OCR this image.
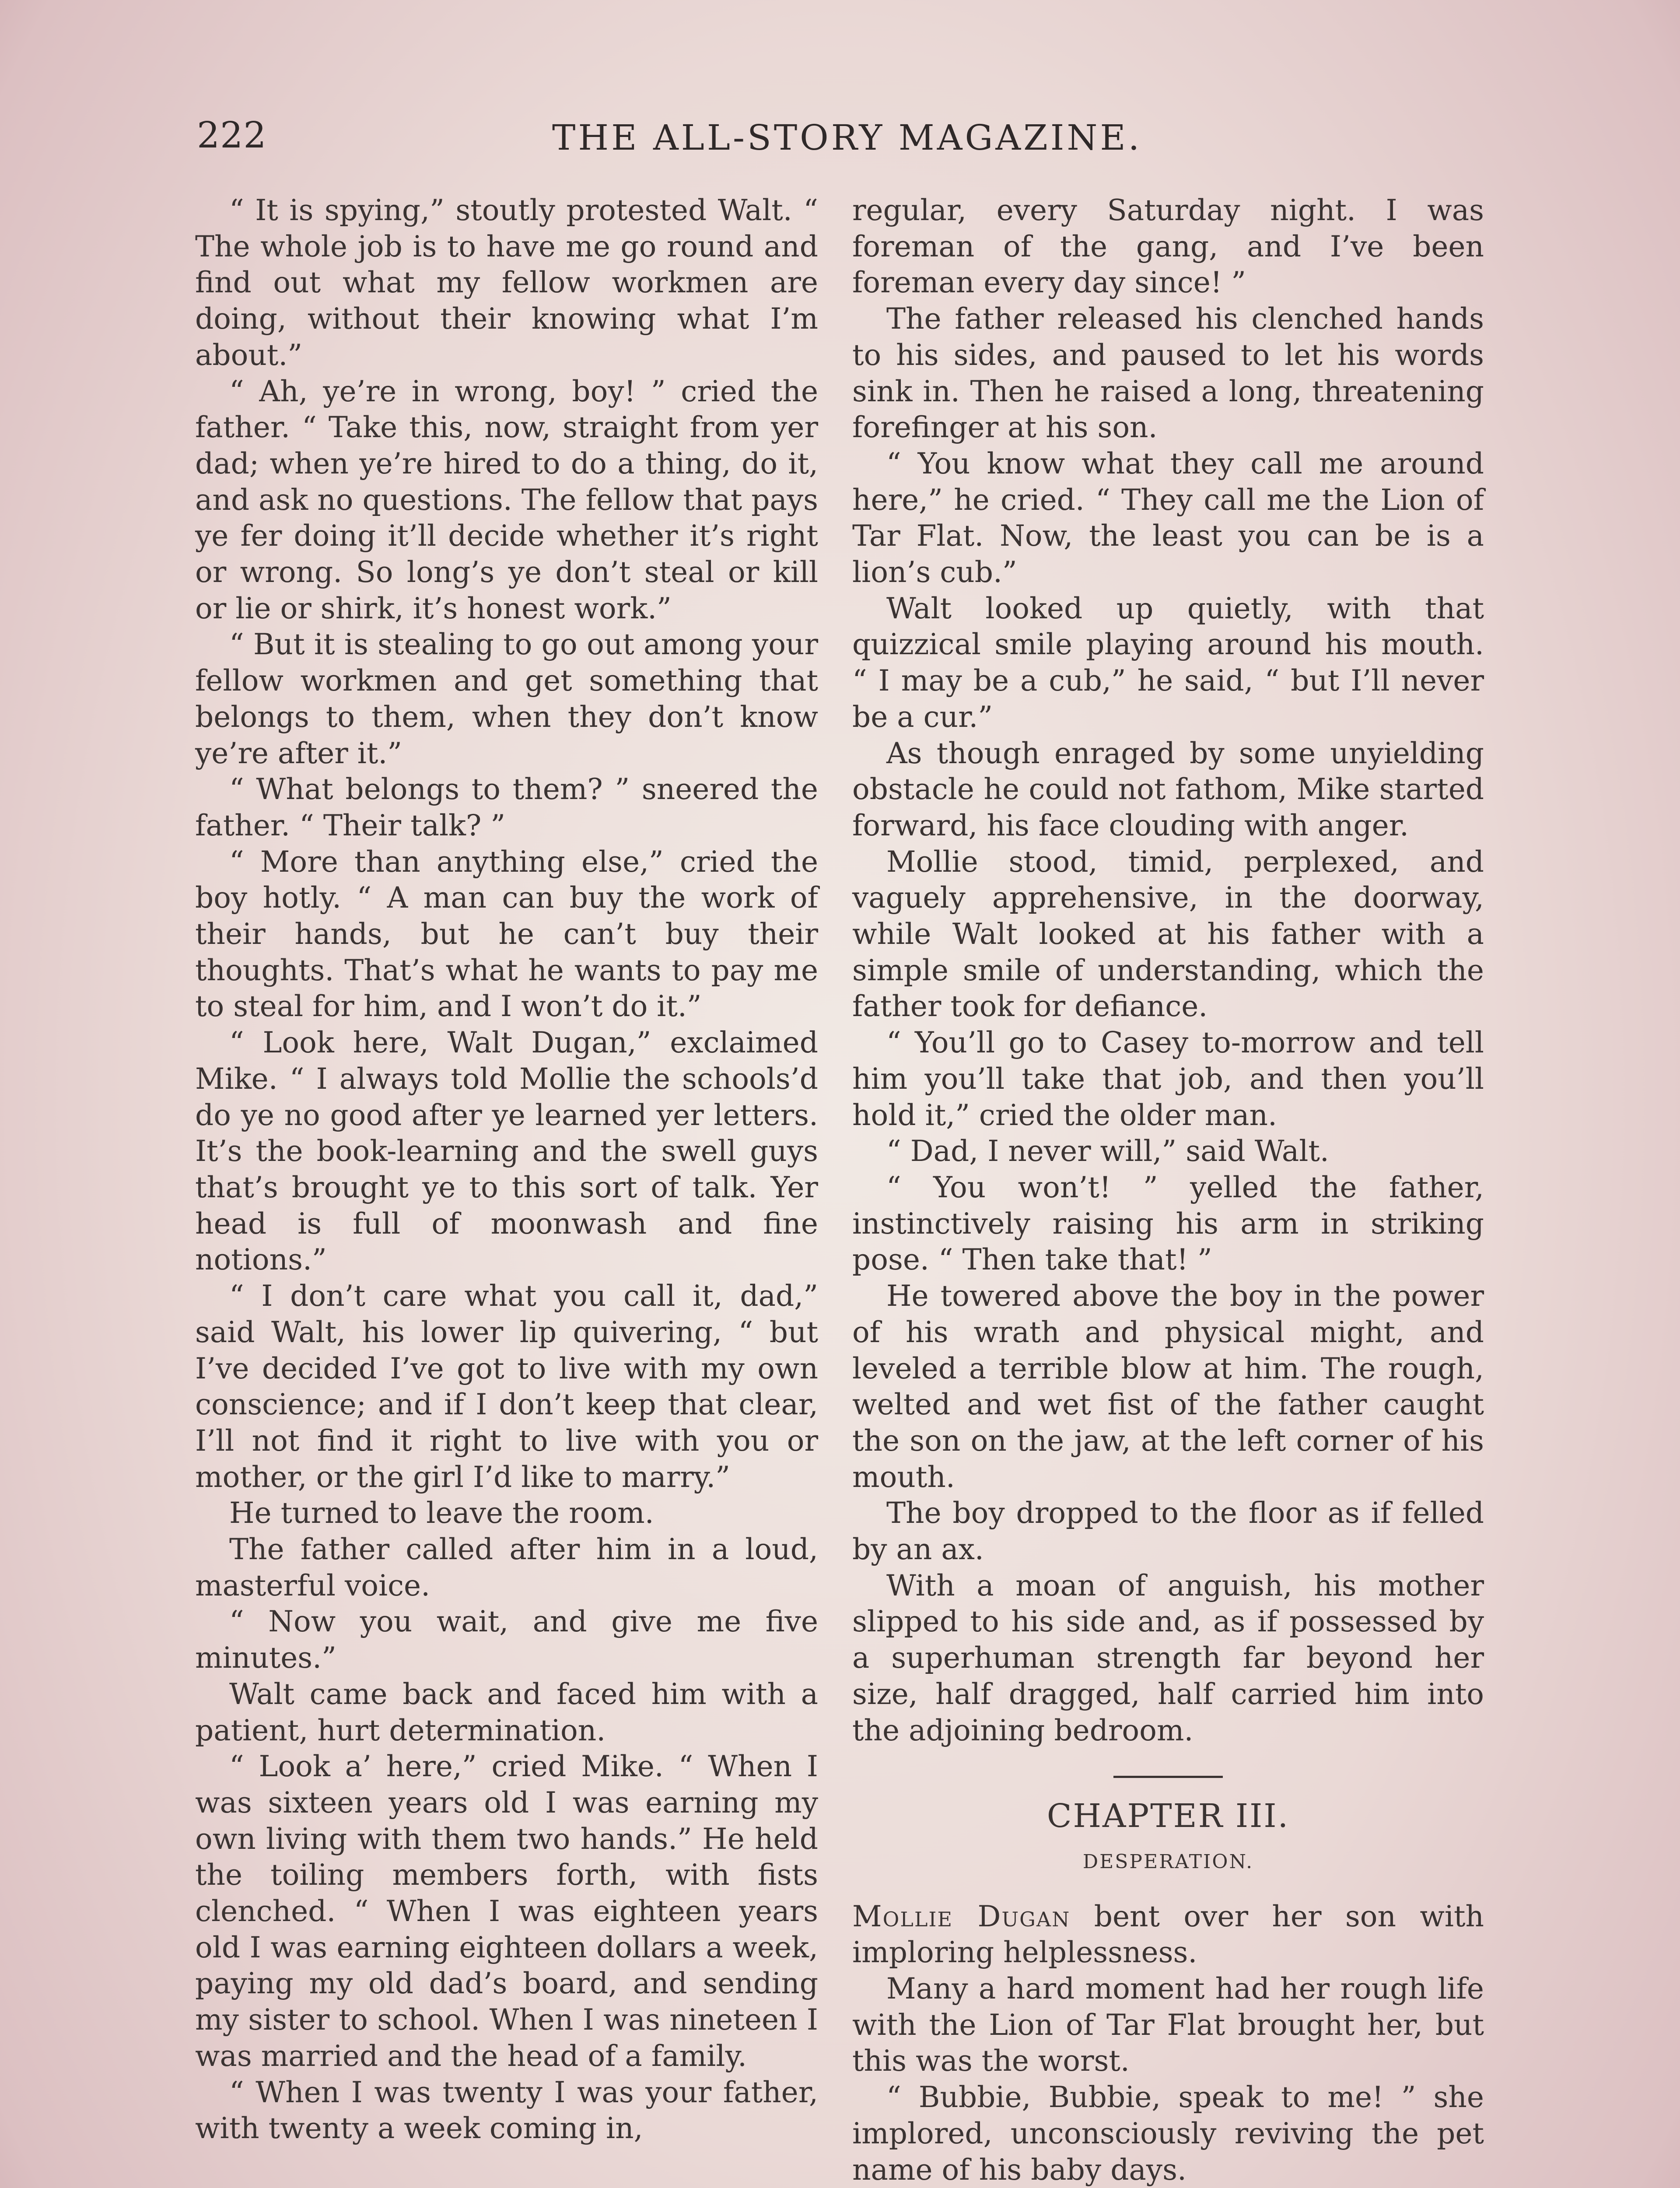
222	THE ALL-STORY MAGAZINE.

“ It is spying,” stoutly protested Walt. “ The whole job is to have me go round and find out what my fellow workmen are doing, without their knowing what I’m about.”

“ Ah, ye’re in wrong, boy! ” cried the father. “ Take this, now, straight from yer dad; when ye’re hired to do a thing, do it, and ask no questions. The fellow that pays ye fer doing it’ll decide whether it’s right or wrong. So long’s ye don’t steal or kill or lie or shirk, it’s honest work.”

“ But it is stealing to go out among your fellow workmen and get something that belongs to them, when they don’t know ye’re after it.”

“ What belongs to them? ” sneered the father. “ Their talk? ”

“ More than anything else,” cried the boy hotly. “ A man can buy the work of their hands, but he can’t buy their thoughts. That’s what he wants to pay me to steal for him, and I won’t do it.”

“ Look here, Walt Dugan,” exclaimed Mike. “ I always told Mollie the schools’d do ye no good after ye learned yer letters. It’s the book-learning and the swell guys that’s brought ye to this sort of talk. Yer head is full of moonwash and fine notions.”

“ I don’t care what you call it, dad,” said Walt, his lower lip quivering, “ but I’ve decided I’ve got to live with my own conscience; and if I don’t keep that clear, I’ll not find it right to live with you or mother, or the girl I’d like to marry.”

He turned to leave the room.

The father called after him in a loud, masterful voice.

“ Now you wait, and give me five minutes.”

Walt came back and faced him with a patient, hurt determination.

“ Look a’ here,” cried Mike. “ When I was sixteen years old I was earning my own living with them two hands.” He held the toiling members forth, with fists clenched. “ When I was eighteen years old I was earning eighteen dollars a week, paying my old dad’s board, and sending my sister to school. When I was nineteen I was married and the head of a family.

“ When I was twenty I was your father, with twenty a week coming in,

regular, every Saturday night. I was foreman of the gang, and I’ve been foreman every day since! ”

The father released his clenched hands to his sides, and paused to let his words sink in. Then he raised a long, threatening forefinger at his son.

“ You know what they call me around here,” he cried. “ They call me the Lion of Tar Flat. Now, the least you can be is a lion’s cub.”

Walt looked up quietly, with that quizzical smile playing around his mouth. “ I may be a cub,” he said, “ but I’ll never be a cur.”

As though enraged by some unyielding obstacle he could not fathom, Mike started forward, his face clouding with anger.

Mollie stood, timid, perplexed, and vaguely apprehensive, in the doorway, while Walt looked at his father with a simple smile of understanding, which the father took for defiance.

“ You’ll go to Casey to-morrow and tell him you’ll take that job, and then you’ll hold it,” cried the older man.

“ Dad, I never will,” said Walt.

“ You won’t! ” yelled the father, instinctively raising his arm in striking pose. “ Then take that! ”

He towered above the boy in the power of his wrath and physical might, and leveled a terrible blow at him. The rough, welted and wet fist of the father caught the son on the jaw, at the left corner of his mouth.

The boy dropped to the floor as if felled by an ax.

With a moan of anguish, his mother slipped to his side and, as if possessed by a superhuman strength far beyond her size, half dragged, half carried him into the adjoining bedroom.

CHAPTER III.
DESPERATION.

Mollie Dugan bent over her son with imploring helplessness.

Many a hard moment had her rough life with the Lion of Tar Flat brought her, but this was the worst.

“ Bubbie, Bubbie, speak to me! ” she implored, unconsciously reviving the pet name of his baby days.
